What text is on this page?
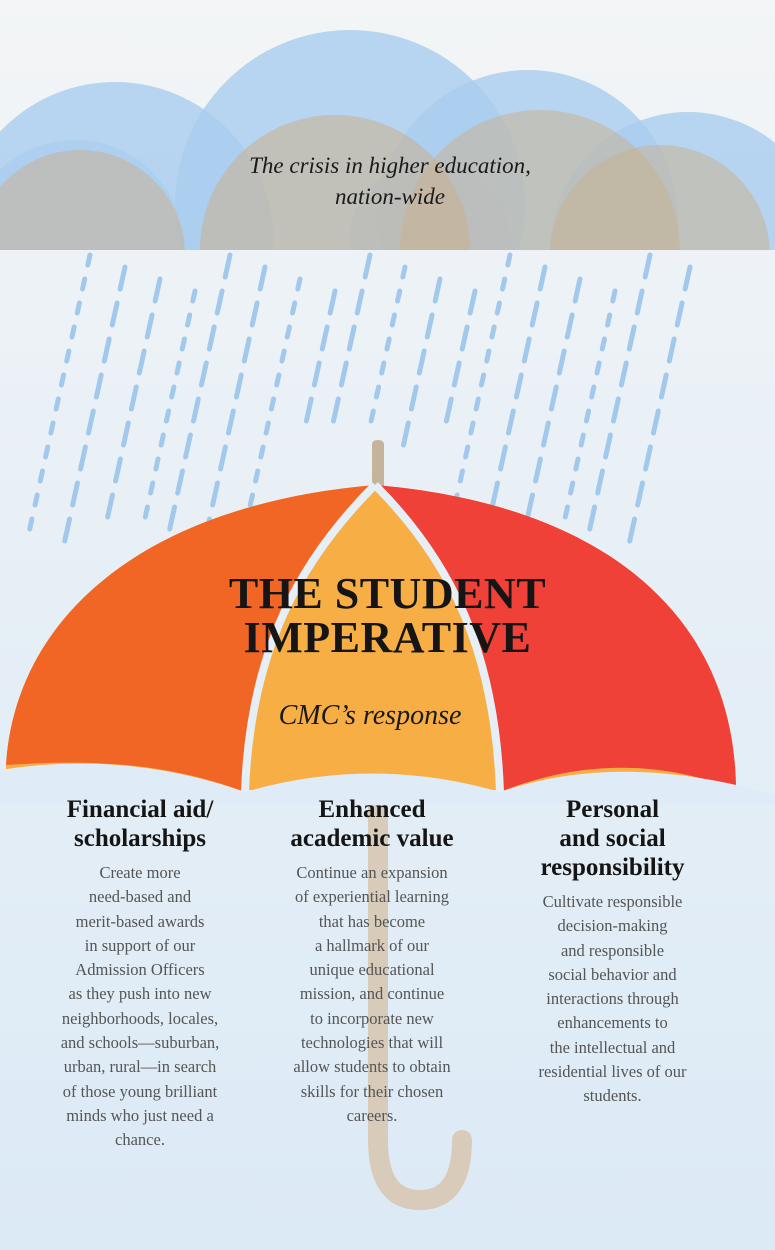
The crisis in higher education,
nation-wide
THE STUDENT
IMPERATIVE
CMC’s response
Financial aid/
scholarships
Create more
need-based and
merit-based awards
in support of our
Admission Officers
as they push into new
neighborhoods, locales,
and schools—suburban,
urban, rural—in search
of those young brilliant
minds who just need a
chance.
Enhanced
academic value
Continue an expansion
of experiential learning
that has become
a hallmark of our
unique educational
mission, and continue
to incorporate new
technologies that will
allow students to obtain
skills for their chosen
careers.
Personal
and social
responsibility
Cultivate responsible
decision-making
and responsible
social behavior and
interactions through
enhancements to
the intellectual and
residential lives of our
students.
